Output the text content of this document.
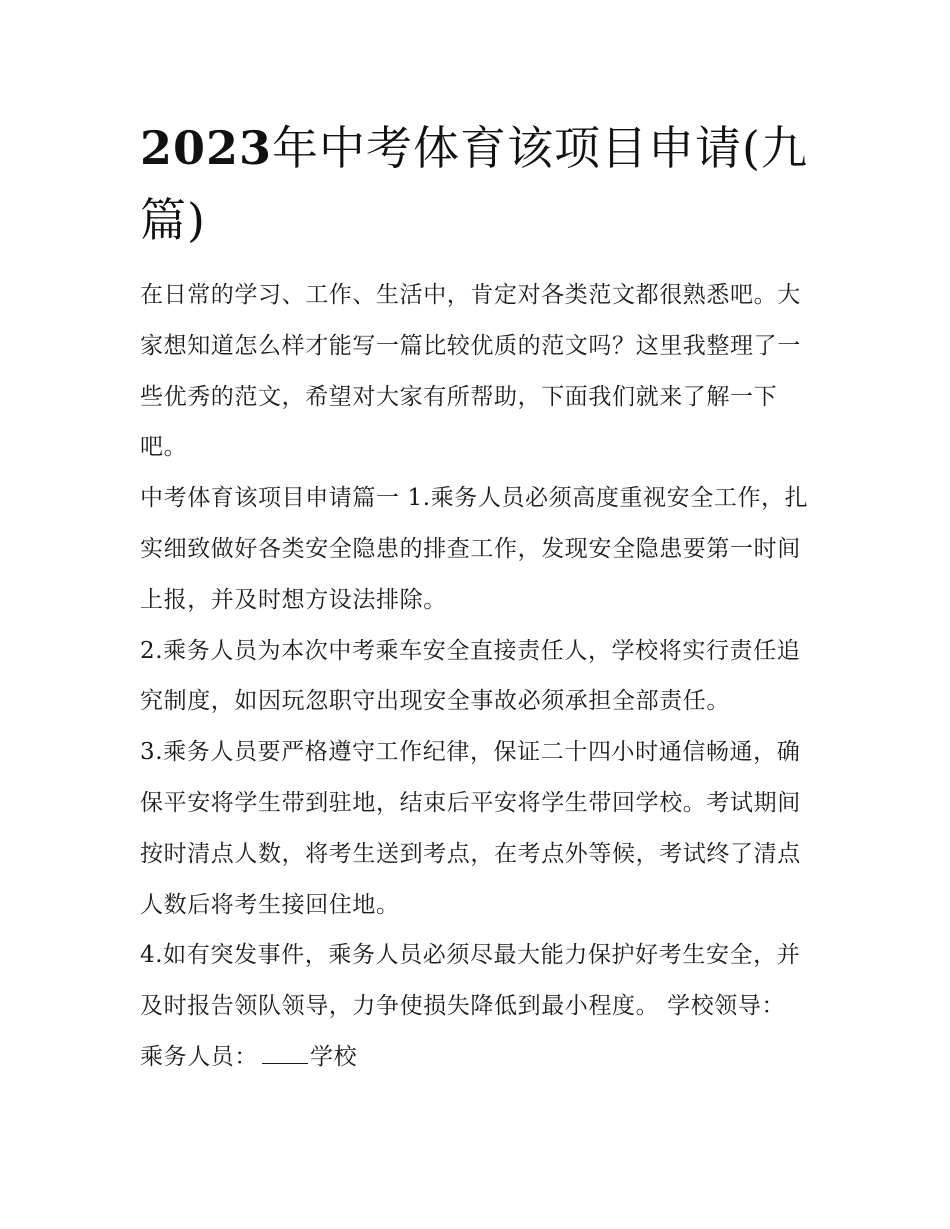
2023年中考体育该项目申请(九篇)

在日常的学习、工作、生活中，肯定对各类范文都很熟悉吧。大家想知道怎么样才能写一篇比较优质的范文吗？这里我整理了一些优秀的范文，希望对大家有所帮助，下面我们就来了解一下吧。

中考体育该项目申请篇一 1.乘务人员必须高度重视安全工作，扎实细致做好各类安全隐患的排查工作，发现安全隐患要第一时间上报，并及时想方设法排除。

2.乘务人员为本次中考乘车安全直接责任人，学校将实行责任追究制度，如因玩忽职守出现安全事故必须承担全部责任。

3.乘务人员要严格遵守工作纪律，保证二十四小时通信畅通，确保平安将学生带到驻地，结束后平安将学生带回学校。考试期间按时清点人数，将考生送到考点，在考点外等候，考试终了清点人数后将考生接回住地。

4.如有突发事件，乘务人员必须尽最大能力保护好考生安全，并及时报告领队领导，力争使损失降低到最小程度。 学校领导： 乘务人员： 学校
